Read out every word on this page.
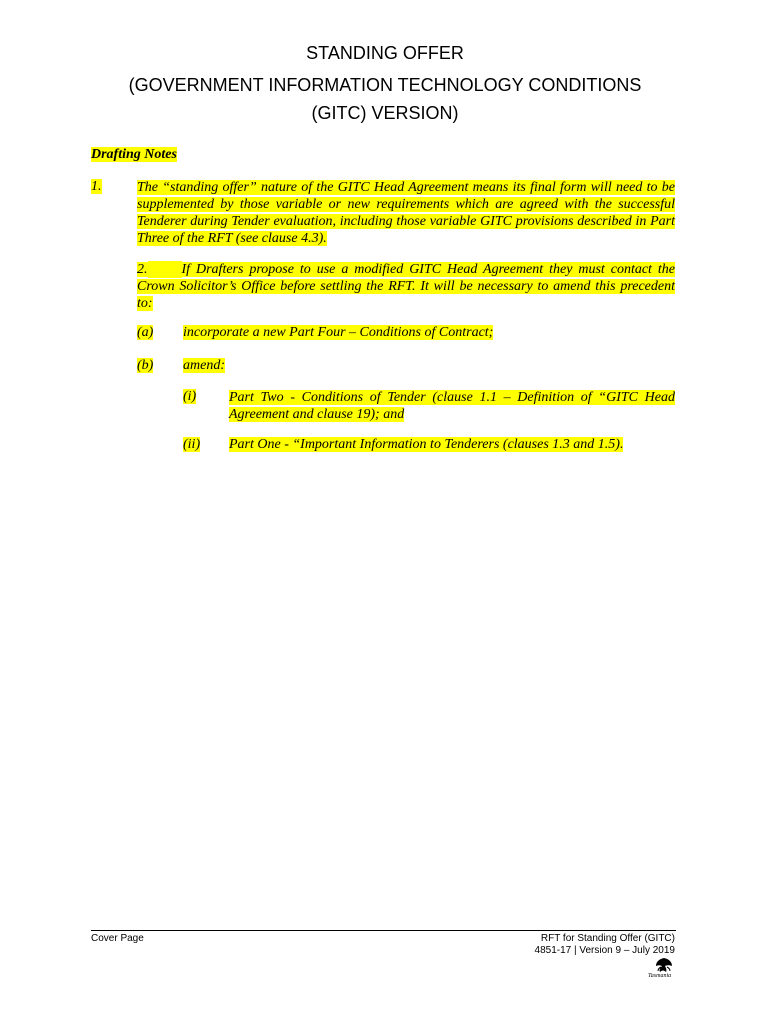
STANDING OFFER
(GOVERNMENT INFORMATION TECHNOLOGY CONDITIONS
(GITC) VERSION)
Drafting Notes
1.	The “standing offer” nature of the GITC Head Agreement means its final form will need to be supplemented by those variable or new requirements which are agreed with the successful Tenderer during Tender evaluation, including those variable GITC provisions described in Part Three of the RFT (see clause 4.3).
2. If Drafters propose to use a modified GITC Head Agreement they must contact the Crown Solicitor’s Office before settling the RFT. It will be necessary to amend this precedent to:
(a) incorporate a new Part Four – Conditions of Contract;
(b) amend:
(i) Part Two - Conditions of Tender (clause 1.1 – Definition of “GITC Head Agreement and clause 19); and
(ii) Part One - “Important Information to Tenderers (clauses 1.3 and 1.5).
Cover Page	RFT for Standing Offer (GITC)
4851-17 | Version 9 – July 2019
Tasmania
